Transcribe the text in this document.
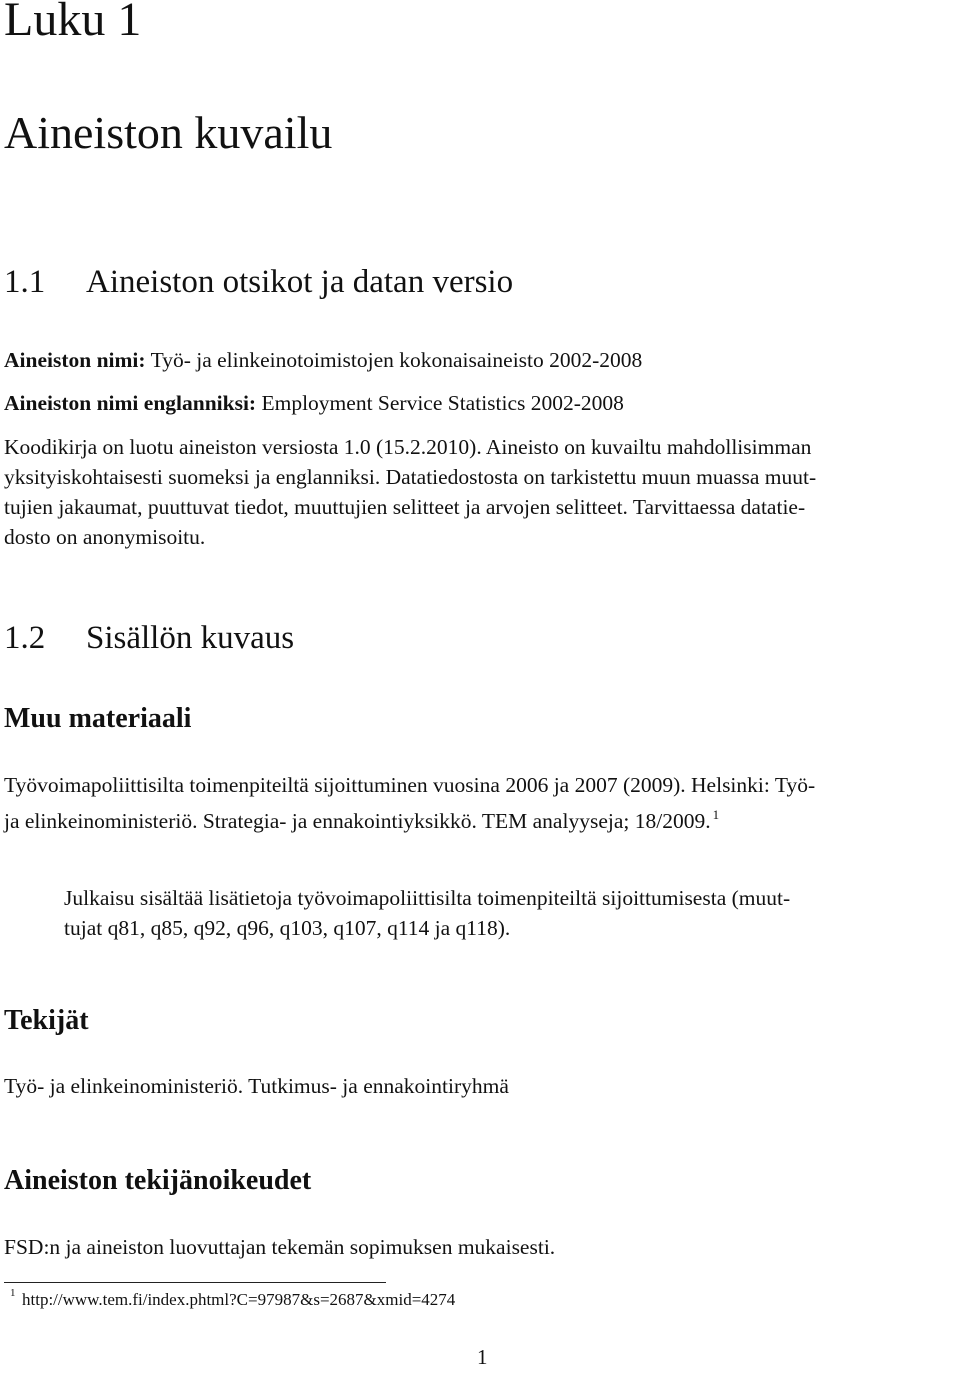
Luku 1
Aineiston kuvailu
1.1 Aineiston otsikot ja datan versio
Aineiston nimi: Työ- ja elinkeinotoimistojen kokonaisaineisto 2002-2008
Aineiston nimi englanniksi: Employment Service Statistics 2002-2008
Koodikirja on luotu aineiston versiosta 1.0 (15.2.2010). Aineisto on kuvailtu mahdollisimman
yksityiskohtaisesti suomeksi ja englanniksi. Datatiedostosta on tarkistettu muun muassa muut-
tujien jakaumat, puuttuvat tiedot, muuttujien selitteet ja arvojen selitteet. Tarvittaessa datatie-
dosto on anonymisoitu.
1.2 Sisällön kuvaus
Muu materiaali
Työvoimapoliittisilta toimenpiteiltä sijoittuminen vuosina 2006 ja 2007 (2009). Helsinki: Työ-
ja elinkeinoministeriö. Strategia- ja ennakointiyksikkö. TEM analyyseja; 18/2009. $^1$
Julkaisu sisältää lisätietoja työvoimapoliittisilta toimenpiteiltä sijoittumisesta (muut-
tujat q81, q85, q92, q96, q103, q107, q114 ja q118).
Tekijät
Työ- ja elinkeinoministeriö. Tutkimus- ja ennakointiryhmä
Aineiston tekijänoikeudet
FSD:n ja aineiston luovuttajan tekemän sopimuksen mukaisesti.
1 http://www.tem.fi/index.phtml?C=97987&s=2687&xmid=4274
1
